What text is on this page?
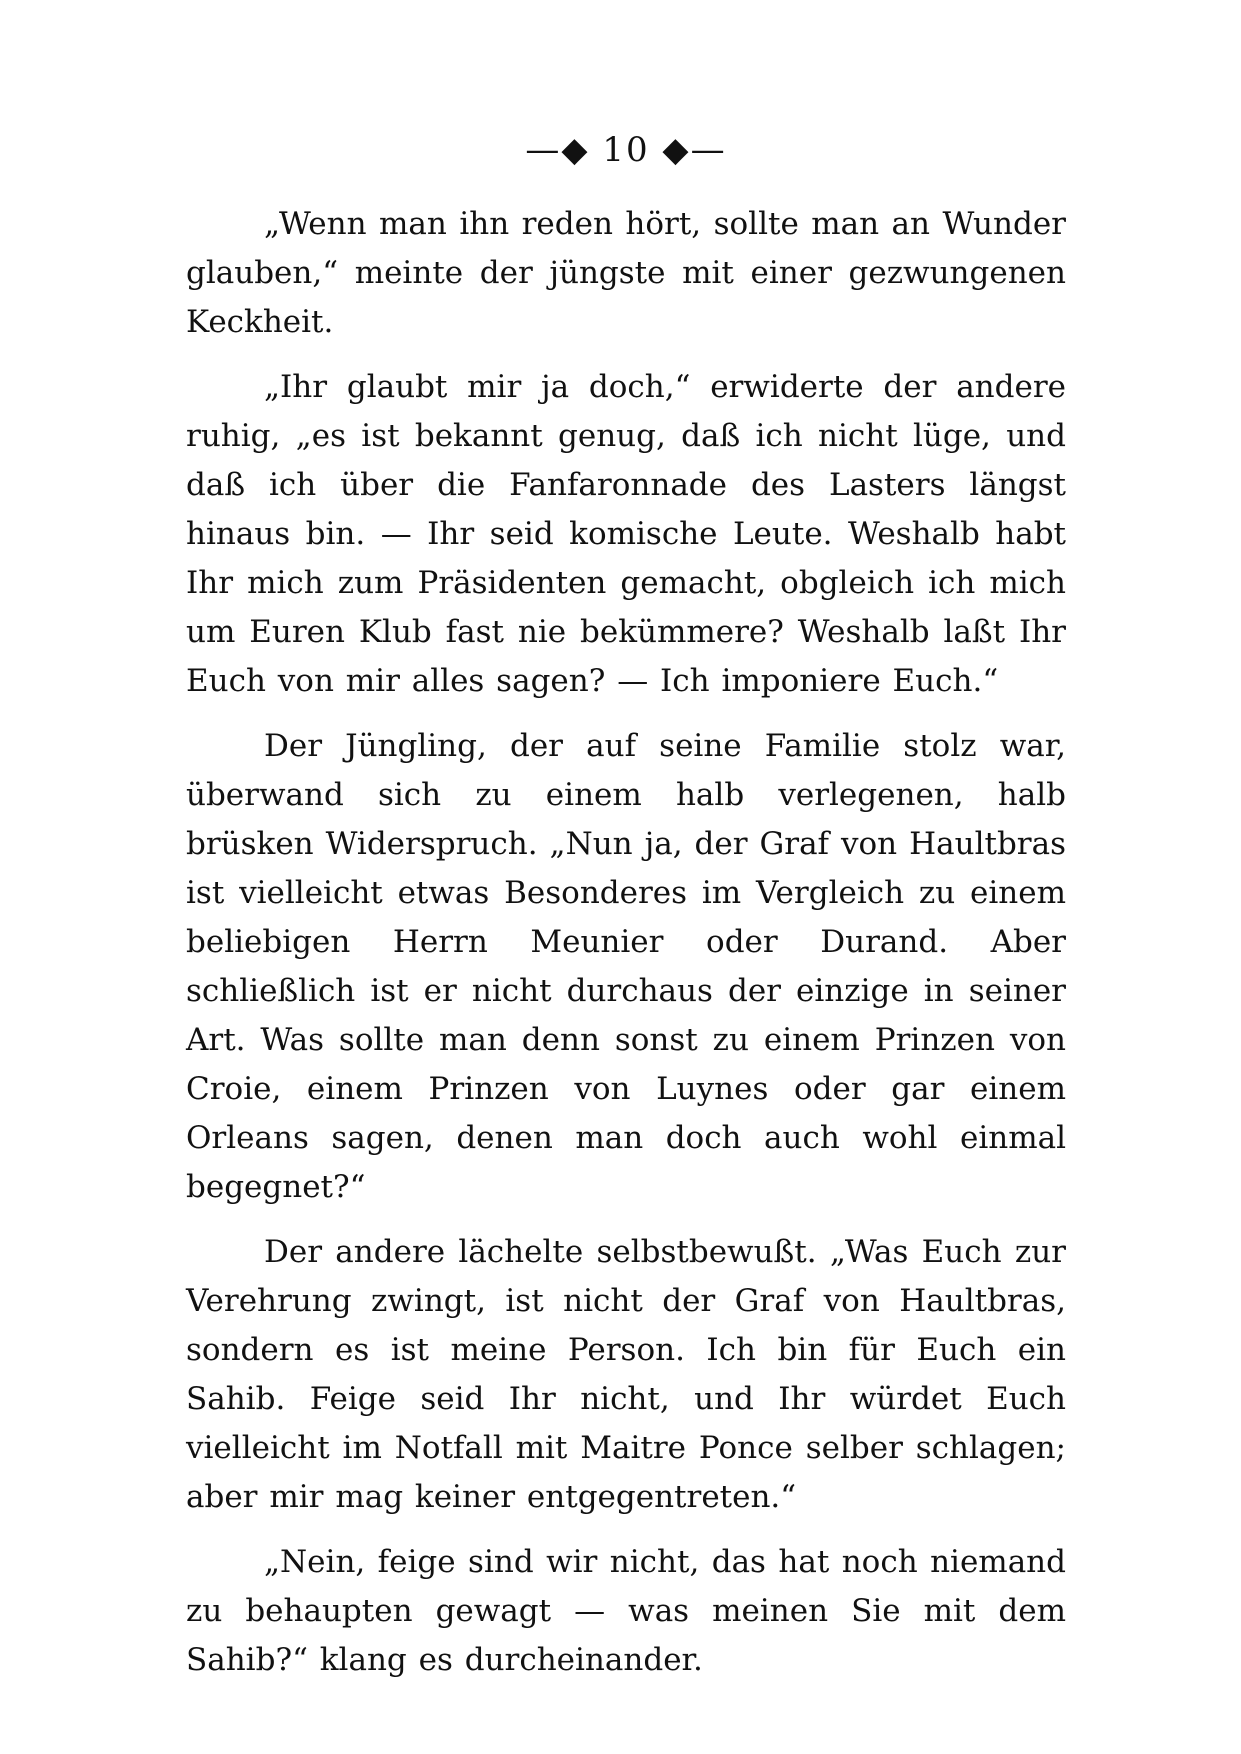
—◆ 10 ◆—

„Wenn man ihn reden hört, sollte man an Wunder glauben,“ meinte der jüngste mit einer gezwungenen Keckheit.

„Ihr glaubt mir ja doch,“ erwiderte der andere ruhig, „es ist bekannt genug, daß ich nicht lüge, und daß ich über die Fanfaronnade des Lasters längst hinaus bin. — Ihr seid komische Leute. Weshalb habt Ihr mich zum Präsidenten gemacht, obgleich ich mich um Euren Klub fast nie bekümmere? Weshalb laßt Ihr Euch von mir alles sagen? — Ich imponiere Euch.“

Der Jüngling, der auf seine Familie stolz war, überwand sich zu einem halb verlegenen, halb brüsken Widerspruch. „Nun ja, der Graf von Haultbras ist vielleicht etwas Besonderes im Vergleich zu einem beliebigen Herrn Meunier oder Durand. Aber schließlich ist er nicht durchaus der einzige in seiner Art. Was sollte man denn sonst zu einem Prinzen von Croie, einem Prinzen von Luynes oder gar einem Orleans sagen, denen man doch auch wohl einmal begegnet?“

Der andere lächelte selbstbewußt. „Was Euch zur Verehrung zwingt, ist nicht der Graf von Haultbras, sondern es ist meine Person. Ich bin für Euch ein Sahib. Feige seid Ihr nicht, und Ihr würdet Euch vielleicht im Notfall mit Maitre Ponce selber schlagen; aber mir mag keiner entgegentreten.“

„Nein, feige sind wir nicht, das hat noch niemand zu behaupten gewagt — was meinen Sie mit dem Sahib?“ klang es durcheinander.
